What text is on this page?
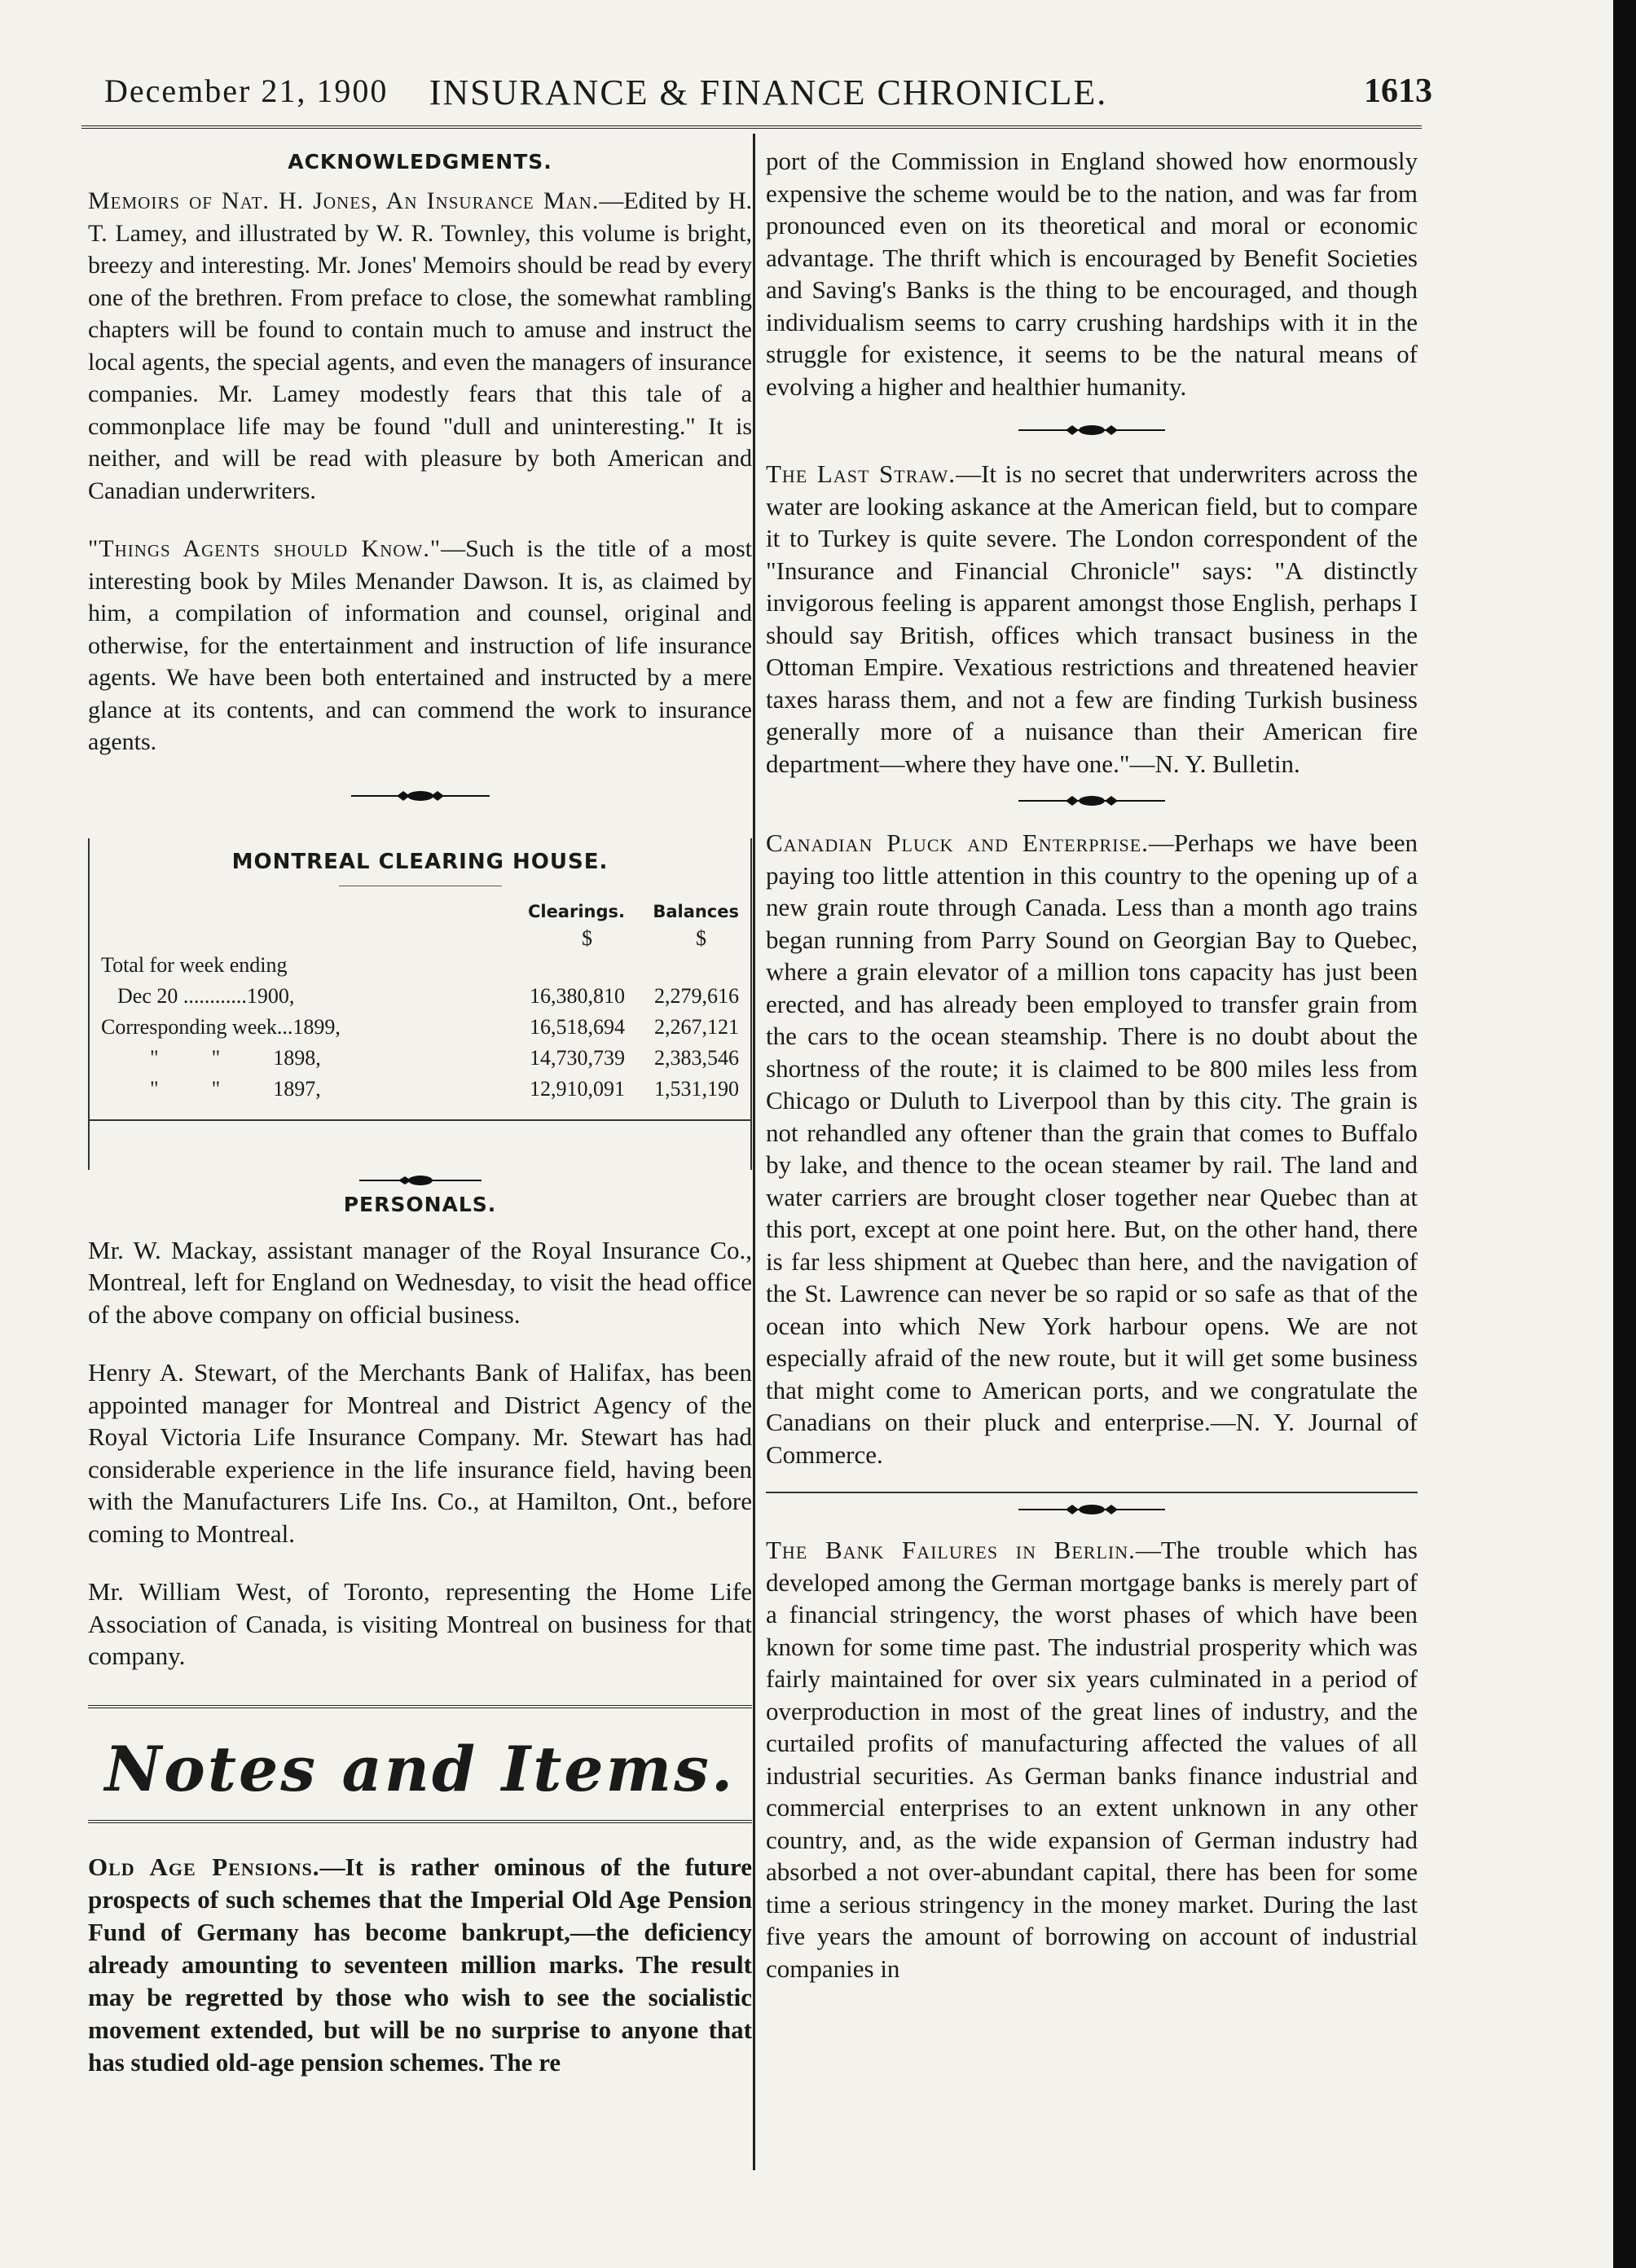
December 21, 1900	INSURANCE & FINANCE CHRONICLE.	1613
ACKNOWLEDGMENTS.

Memoirs of Nat. H. Jones, An Insurance Man.—Edited by H. T. Lamey, and illustrated by W. R. Townley, this volume is bright, breezy and interesting. Mr. Jones' Memoirs should be read by every one of the brethren. From preface to close, the somewhat rambling chapters will be found to contain much to amuse and instruct the local agents, the special agents, and even the managers of insurance companies. Mr. Lamey modestly fears that this tale of a commonplace life may be found "dull and uninteresting." It is neither, and will be read with pleasure by both American and Canadian underwriters.

"Things Agents should Know."—Such is the title of a most interesting book by Miles Menander Dawson. It is, as claimed by him, a compilation of information and counsel, original and otherwise, for the entertainment and instruction of life insurance agents. We have been both entertained and instructed by a mere glance at its contents, and can commend the work to insurance agents.

MONTREAL CLEARING HOUSE.
Clearings.	Balances
$	$
Total for week ending
Dec 20 ............1900,	16,380,810	2,279,616
Corresponding week...1899,	16,518,694	2,267,121
"          "          1898,	14,730,739	2,383,546
"          "          1897,	12,910,091	1,531,190
PERSONALS.

Mr. W. Mackay, assistant manager of the Royal Insurance Co., Montreal, left for England on Wednesday, to visit the head office of the above company on official business.

Henry A. Stewart, of the Merchants Bank of Halifax, has been appointed manager for Montreal and District Agency of the Royal Victoria Life Insurance Company. Mr. Stewart has had considerable experience in the life insurance field, having been with the Manufacturers Life Ins. Co., at Hamilton, Ont., before coming to Montreal.

Mr. William West, of Toronto, representing the Home Life Association of Canada, is visiting Montreal on business for that company.

Notes and Items.

Old Age Pensions.—It is rather ominous of the future prospects of such schemes that the Imperial Old Age Pension Fund of Germany has become bankrupt,—the deficiency already amounting to seventeen million marks. The result may be regretted by those who wish to see the socialistic movement extended, but will be no surprise to anyone that has studied old-age pension schemes. The re

port of the Commission in England showed how enormously expensive the scheme would be to the nation, and was far from pronounced even on its theoretical and moral or economic advantage. The thrift which is encouraged by Benefit Societies and Saving's Banks is the thing to be encouraged, and though individualism seems to carry crushing hardships with it in the struggle for existence, it seems to be the natural means of evolving a higher and healthier humanity.

The Last Straw.—It is no secret that underwriters across the water are looking askance at the American field, but to compare it to Turkey is quite severe. The London correspondent of the "Insurance and Financial Chronicle" says: "A distinctly invigorous feeling is apparent amongst those English, perhaps I should say British, offices which transact business in the Ottoman Empire. Vexatious restrictions and threatened heavier taxes harass them, and not a few are finding Turkish business generally more of a nuisance than their American fire department—where they have one."—N. Y. Bulletin.

Canadian Pluck and Enterprise.—Perhaps we have been paying too little attention in this country to the opening up of a new grain route through Canada. Less than a month ago trains began running from Parry Sound on Georgian Bay to Quebec, where a grain elevator of a million tons capacity has just been erected, and has already been employed to transfer grain from the cars to the ocean steamship. There is no doubt about the shortness of the route; it is claimed to be 800 miles less from Chicago or Duluth to Liverpool than by this city. The grain is not rehandled any oftener than the grain that comes to Buffalo by lake, and thence to the ocean steamer by rail. The land and water carriers are brought closer together near Quebec than at this port, except at one point here. But, on the other hand, there is far less shipment at Quebec than here, and the navigation of the St. Lawrence can never be so rapid or so safe as that of the ocean into which New York harbour opens. We are not especially afraid of the new route, but it will get some business that might come to American ports, and we congratulate the Canadians on their pluck and enterprise.—N. Y. Journal of Commerce.

The Bank Failures in Berlin.—The trouble which has developed among the German mortgage banks is merely part of a financial stringency, the worst phases of which have been known for some time past. The industrial prosperity which was fairly maintained for over six years culminated in a period of overproduction in most of the great lines of industry, and the curtailed profits of manufacturing affected the values of all industrial securities. As German banks finance industrial and commercial enterprises to an extent unknown in any other country, and, as the wide expansion of German industry had absorbed a not over-abundant capital, there has been for some time a serious stringency in the money market. During the last five years the amount of borrowing on account of industrial companies in
